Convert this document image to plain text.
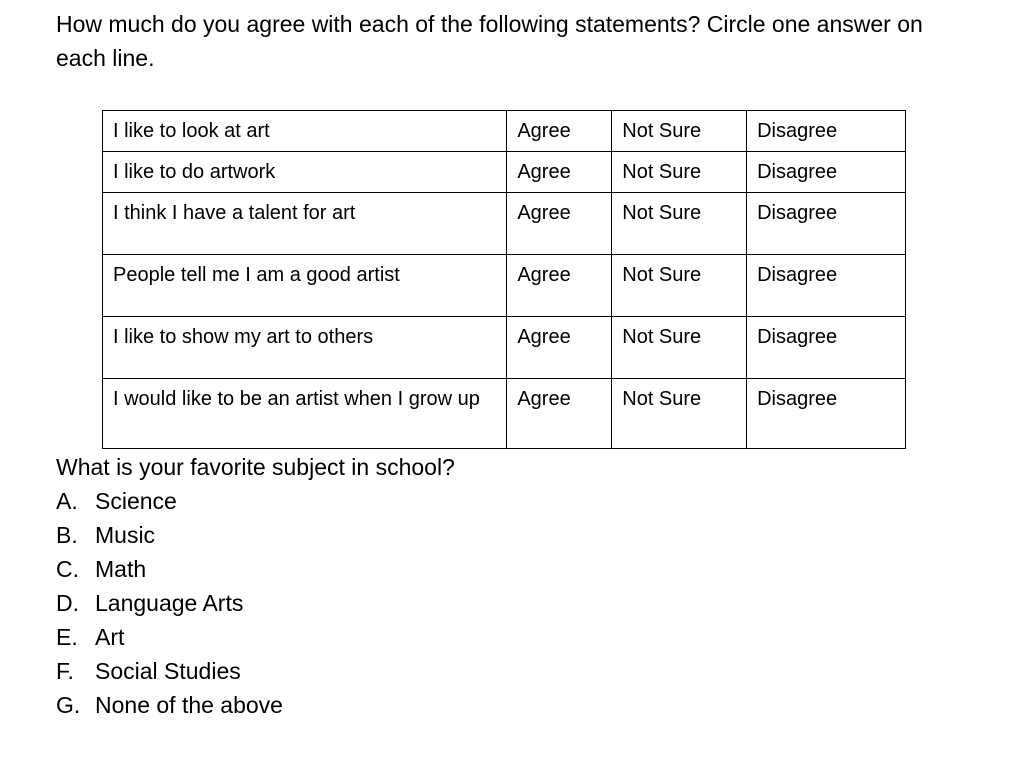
How much do you agree with each of the following statements? Circle one answer on each line.
I like to look at art	Agree	Not Sure	Disagree
I like to do artwork	Agree	Not Sure	Disagree
I think I have a talent for art	Agree	Not Sure	Disagree
People tell me I am a good artist	Agree	Not Sure	Disagree
I like to show my art to others	Agree	Not Sure	Disagree
I would like to be an artist when I grow up	Agree	Not Sure	Disagree

What is your favorite subject in school?

A. Science
B. Music
C. Math
D. Language Arts
E. Art
F. Social Studies
G. None of the above
